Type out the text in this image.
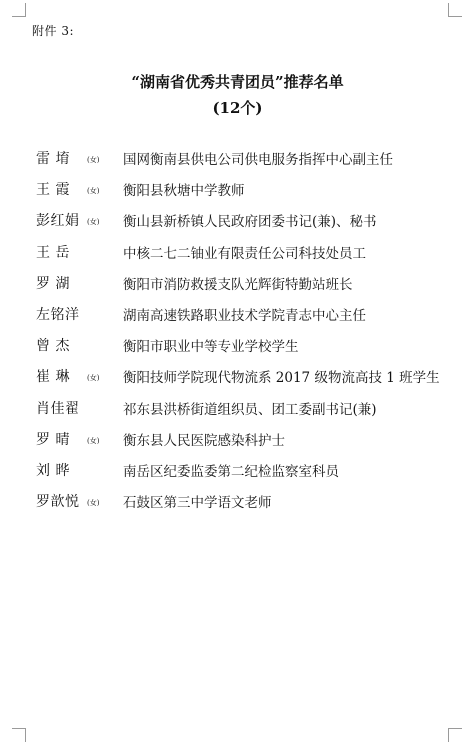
附件 3:
“湖南省优秀共青团员”推荐名单
(12个)
雷 堉 (女) 国网衡南县供电公司供电服务指挥中心副主任
王 霞 (女) 衡阳县秋塘中学教师
彭红娟 (女) 衡山县新桥镇人民政府团委书记(兼)、秘书
王 岳	中核二七二铀业有限责任公司科技处员工
罗 湖	衡阳市消防救援支队光辉街特勤站班长
左铭洋	湖南高速铁路职业技术学院青志中心主任
曾 杰	衡阳市职业中等专业学校学生
崔 琳 (女) 衡阳技师学院现代物流系 2017 级物流高技 1 班学生
肖佳翟	祁东县洪桥街道组织员、团工委副书记(兼)
罗 晴 (女) 衡东县人民医院感染科护士
刘 晔	南岳区纪委监委第二纪检监察室科员
罗歆悦 (女) 石鼓区第三中学语文老师
